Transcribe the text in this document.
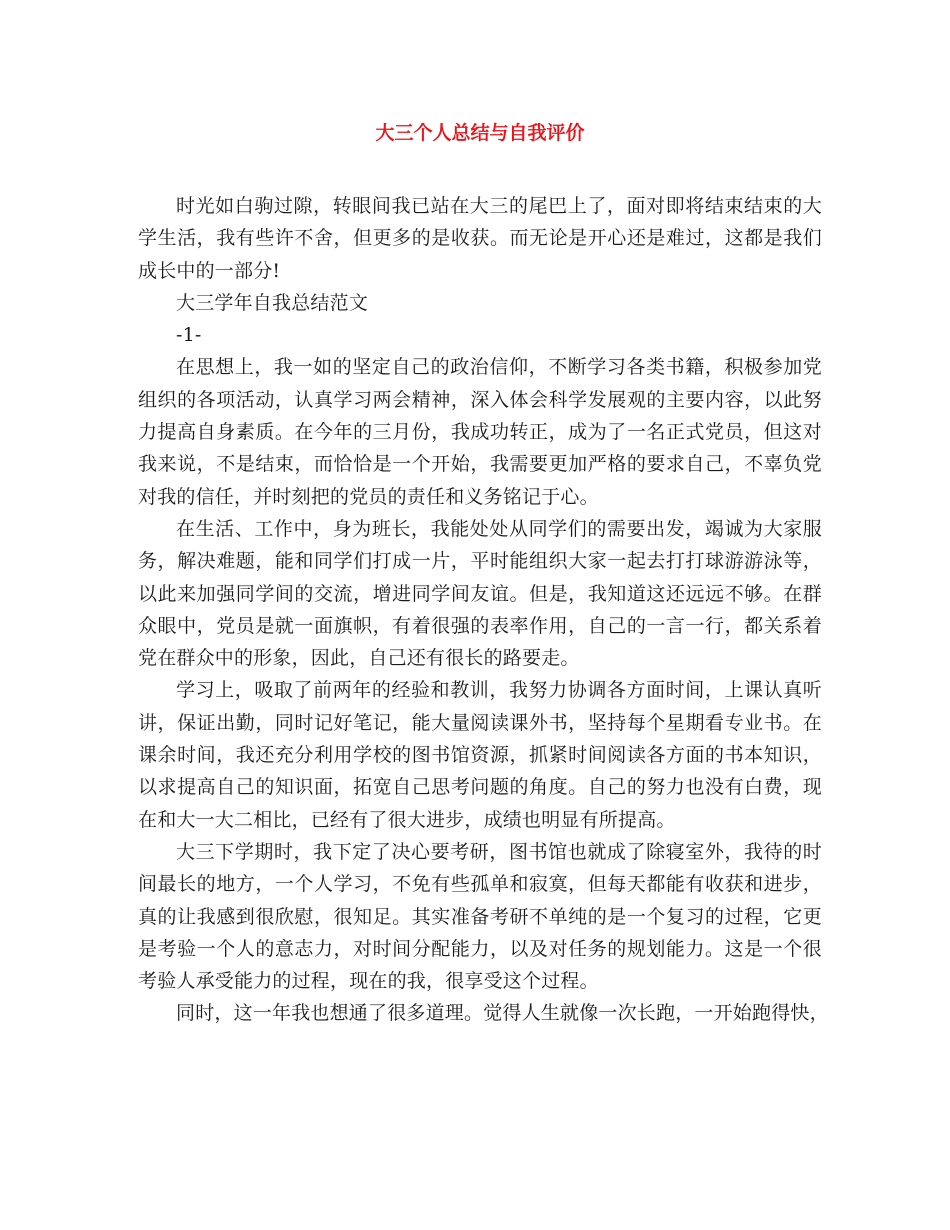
大三个人总结与自我评价

时光如白驹过隙，转眼间我已站在大三的尾巴上了，面对即将结束结束的大学生活，我有些许不舍，但更多的是收获。而无论是开心还是难过，这都是我们成长中的一部分!

大三学年自我总结范文

-1-

在思想上，我一如的坚定自己的政治信仰，不断学习各类书籍，积极参加党组织的各项活动，认真学习两会精神，深入体会科学发展观的主要内容，以此努力提高自身素质。在今年的三月份，我成功转正，成为了一名正式党员，但这对我来说，不是结束，而恰恰是一个开始，我需要更加严格的要求自己，不辜负党对我的信任，并时刻把的党员的责任和义务铭记于心。

在生活、工作中，身为班长，我能处处从同学们的需要出发，竭诚为大家服务，解决难题，能和同学们打成一片，平时能组织大家一起去打打球游游泳等，以此来加强同学间的交流，增进同学间友谊。但是，我知道这还远远不够。在群众眼中，党员是就一面旗帜，有着很强的表率作用，自己的一言一行，都关系着党在群众中的形象，因此，自己还有很长的路要走。

学习上，吸取了前两年的经验和教训，我努力协调各方面时间，上课认真听讲，保证出勤，同时记好笔记，能大量阅读课外书，坚持每个星期看专业书。在课余时间，我还充分利用学校的图书馆资源，抓紧时间阅读各方面的书本知识，以求提高自己的知识面，拓宽自己思考问题的角度。自己的努力也没有白费，现在和大一大二相比，已经有了很大进步，成绩也明显有所提高。

大三下学期时，我下定了决心要考研，图书馆也就成了除寝室外，我待的时间最长的地方，一个人学习，不免有些孤单和寂寞，但每天都能有收获和进步，真的让我感到很欣慰，很知足。其实准备考研不单纯的是一个复习的过程，它更是考验一个人的意志力，对时间分配能力，以及对任务的规划能力。这是一个很考验人承受能力的过程，现在的我，很享受这个过程。

同时，这一年我也想通了很多道理。觉得人生就像一次长跑，一开始跑得快，
